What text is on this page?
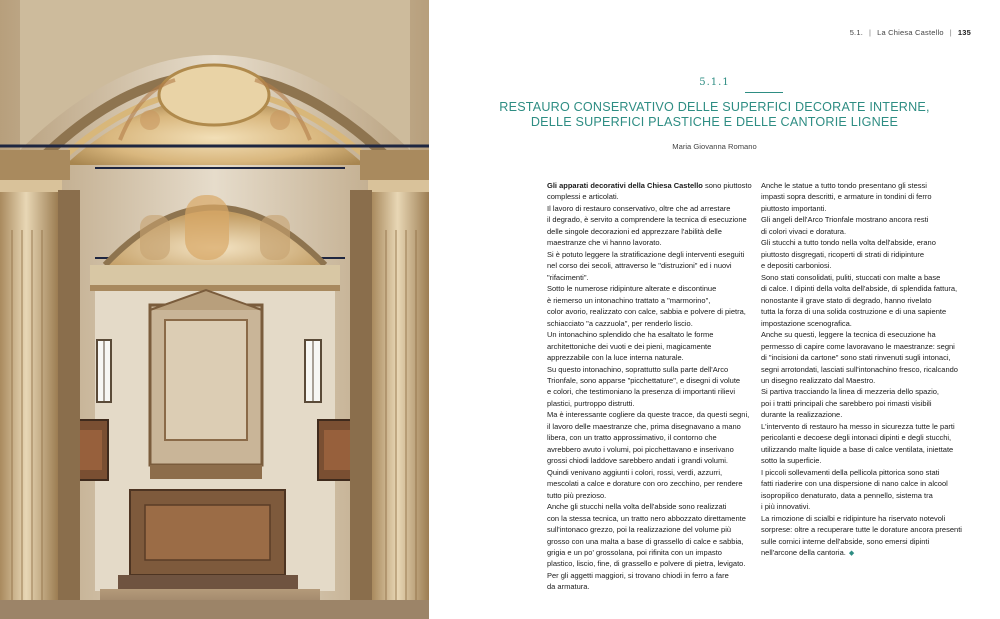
5.1. | La Chiesa Castello | 135
5.1.1
RESTAURO CONSERVATIVO DELLE SUPERFICI DECORATE INTERNE,
DELLE SUPERFICI PLASTICHE E DELLE CANTORIE LIGNEE
Maria Giovanna Romano
Gli apparati decorativi della Chiesa Castello sono piuttosto
complessi e articolati.
Il lavoro di restauro conservativo, oltre che ad arrestare
il degrado, è servito a comprendere la tecnica di esecuzione
delle singole decorazioni ed apprezzare l'abilità delle
maestranze che vi hanno lavorato.
Si è potuto leggere la stratificazione degli interventi eseguiti
nel corso dei secoli, attraverso le "distruzioni" ed i nuovi
"rifacimenti".
Sotto le numerose ridipinture alterate e discontinue
è riemerso un intonachino trattato a "marmorino",
color avorio, realizzato con calce, sabbia e polvere di pietra,
schiacciato "a cazzuola", per renderlo liscio.
Un intonachino splendido che ha esaltato le forme
architettoniche dei vuoti e dei pieni, magicamente
apprezzabile con la luce interna naturale.
Su questo intonachino, soprattutto sulla parte dell'Arco
Trionfale, sono apparse "picchettature", e disegni di volute
e colori, che testimoniano la presenza di importanti rilievi
plastici, purtroppo distrutti.
Ma è interessante cogliere da queste tracce, da questi segni,
il lavoro delle maestranze che, prima disegnavano a mano
libera, con un tratto approssimativo, il contorno che
avrebbero avuto i volumi, poi picchettavano e inserivano
grossi chiodi laddove sarebbero andati i grandi volumi.
Quindi venivano aggiunti i colori, rossi, verdi, azzurri,
mescolati a calce e dorature con oro zecchino, per rendere
tutto più prezioso.
Anche gli stucchi nella volta dell'abside sono realizzati
con la stessa tecnica, un tratto nero abbozzato direttamente
sull'intonaco grezzo, poi la realizzazione del volume più
grosso con una malta a base di grassello di calce e sabbia,
grigia e un po' grossolana, poi rifinita con un impasto
plastico, liscio, fine, di grassello e polvere di pietra, levigato.
Per gli aggetti maggiori, si trovano chiodi in ferro a fare
da armatura.
Anche le statue a tutto tondo presentano gli stessi
impasti sopra descritti, e armature in tondini di ferro
piuttosto importanti.
Gli angeli dell'Arco Trionfale mostrano ancora resti
di colori vivaci e doratura.
Gli stucchi a tutto tondo nella volta dell'abside, erano
piuttosto disgregati, ricoperti di strati di ridipinture
e depositi carboniosi.
Sono stati consolidati, puliti, stuccati con malte a base
di calce. I dipinti della volta dell'abside, di splendida fattura,
nonostante il grave stato di degrado, hanno rivelato
tutta la forza di una solida costruzione e di una sapiente
impostazione scenografica.
Anche su questi, leggere la tecnica di esecuzione ha
permesso di capire come lavoravano le maestranze: segni
di "incisioni da cartone" sono stati rinvenuti sugli intonaci,
segni arrotondati, lasciati sull'intonachino fresco, ricalcando
un disegno realizzato dal Maestro.
Si partiva tracciando la linea di mezzeria dello spazio,
poi i tratti principali che sarebbero poi rimasti visibili
durante la realizzazione.
L'intervento di restauro ha messo in sicurezza tutte le parti
pericolanti e decoese degli intonaci dipinti e degli stucchi,
utilizzando malte liquide a base di calce ventilata, iniettate
sotto la superficie.
I piccoli sollevamenti della pellicola pittorica sono stati
fatti riaderire con una dispersione di nano calce in alcool
isopropilico denaturato, data a pennello, sistema tra
i più innovativi.
La rimozione di scialbi e ridipinture ha riservato notevoli
sorprese: oltre a recuperare tutte le dorature ancora presenti
sulle cornici interne dell'abside, sono emersi dipinti
nell'arcone della cantoria. ◆
